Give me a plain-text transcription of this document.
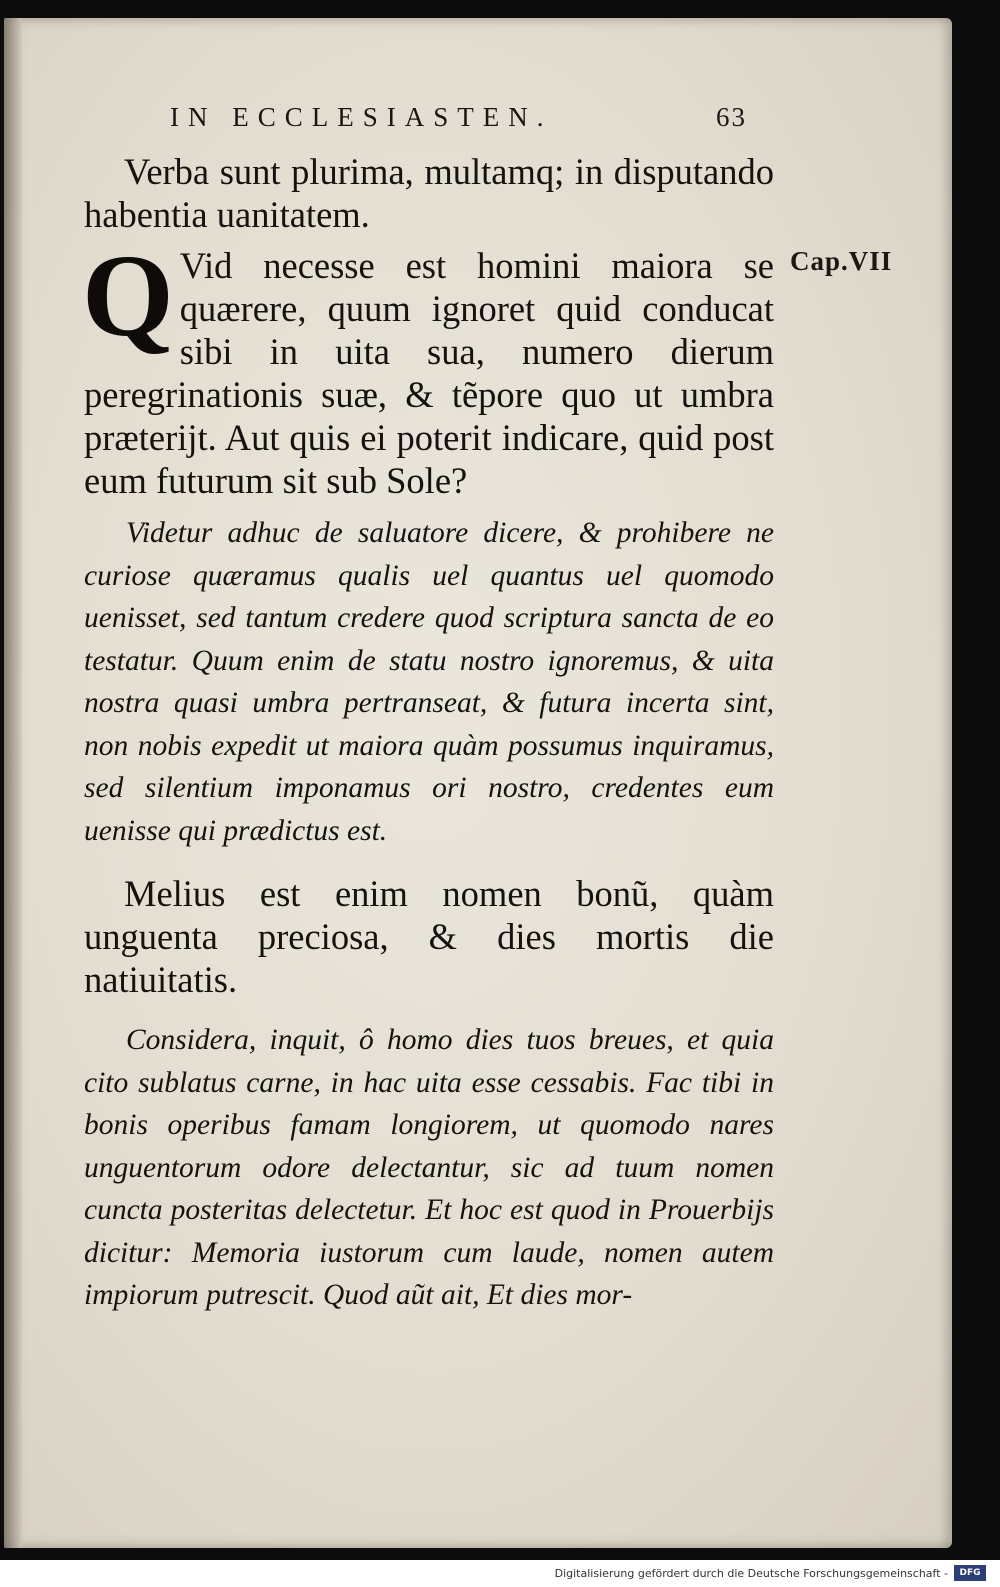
IN ECCLESIASTEN.	63
Cap.VII

Verba sunt plurima, multamq; in disputando habentia uanitatem.

Q Vid necesse est homini maiora se quærere, quum ignoret quid conducat sibi in uita sua, numero dierum peregrinationis suæ, & tẽpore quo ut umbra præterijt. Aut quis ei poterit indicare, quid post eum futurum sit sub Sole?

Videtur adhuc de saluatore dicere, & prohibere ne curiose quæramus qualis uel quantus uel quomodo uenisset, sed tantum credere quod scriptura sancta de eo testatur. Quum enim de statu nostro ignoremus, & uita nostra quasi umbra pertranseat, & futura incerta sint, non nobis expedit ut maiora quàm possumus inquiramus, sed silentium imponamus ori nostro, credentes eum uenisse qui prædictus est.

Melius est enim nomen bonũ, quàm unguenta preciosa, & dies mortis die natiuitatis.

Considera, inquit, ô homo dies tuos breues, et quia cito sublatus carne, in hac uita esse cessabis. Fac tibi in bonis operibus famam longiorem, ut quomodo nares unguentorum odore delectantur, sic ad tuum nomen cuncta posteritas delectetur. Et hoc est quod in Prouerbijs dicitur: Memoria iustorum cum laude, nomen autem impiorum putrescit. Quod aũt ait, Et dies mor-

Digitalisierung gefördert durch die Deutsche Forschungsgemeinschaft -	DFG
